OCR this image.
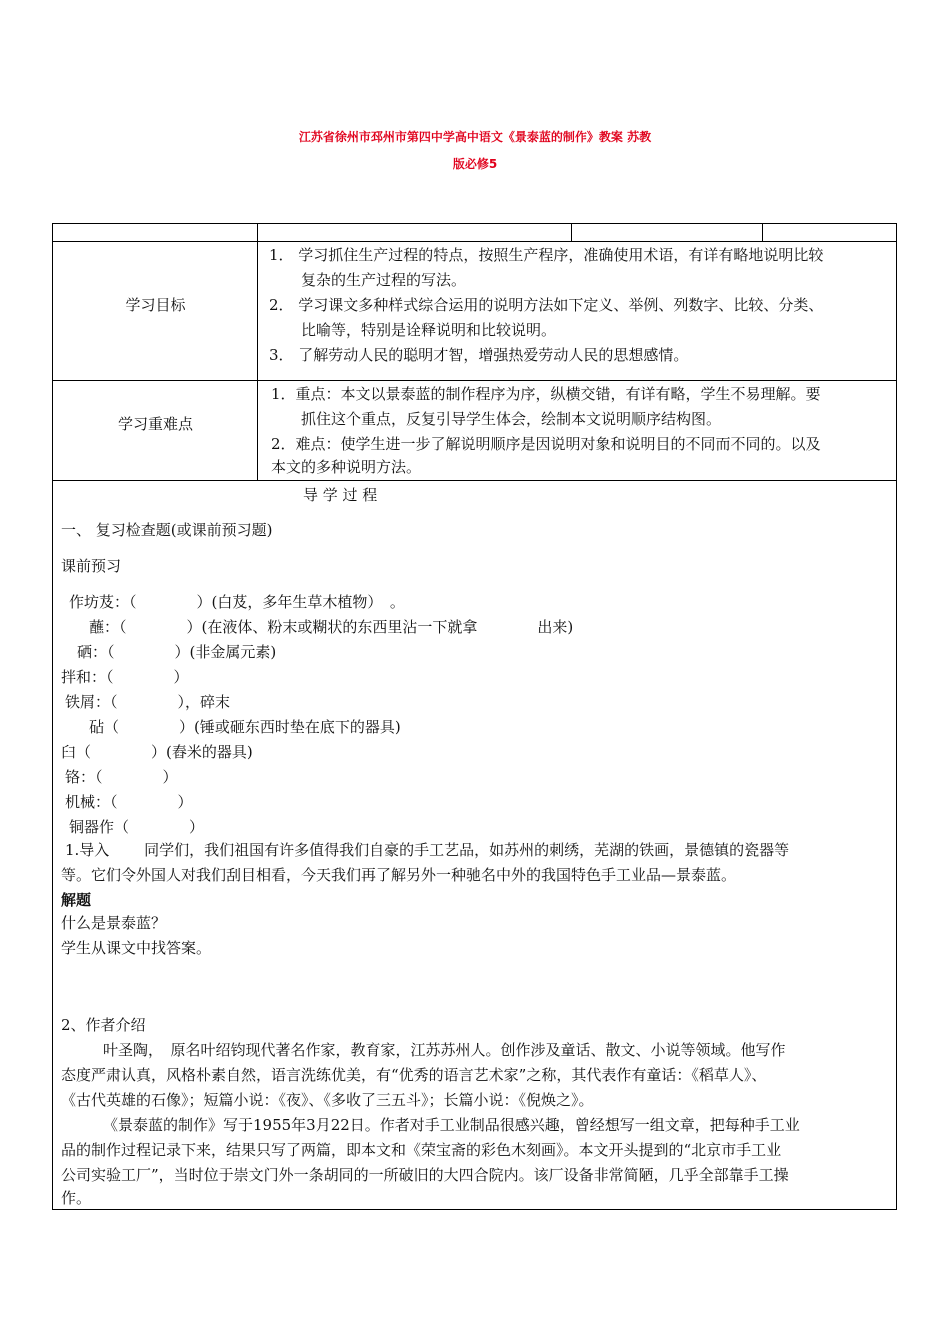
江苏省徐州市邳州市第四中学高中语文《景泰蓝的制作》教案 苏教
版必修5
学习目标
1． 学习抓住生产过程的特点，按照生产程序，准确使用术语，有详有略地说明比较
复杂的生产过程的写法。
2． 学习课文多种样式综合运用的说明方法如下定义、举例、列数字、比较、分类、
比喻等，特别是诠释说明和比较说明。
3． 了解劳动人民的聪明才智，增强热爱劳动人民的思想感情。
学习重难点
1．重点：本文以景泰蓝的制作程序为序，纵横交错，有详有略，学生不易理解。要
抓住这个重点，反复引导学生体会，绘制本文说明顺序结构图。
2．难点：使学生进一步了解说明顺序是因说明对象和说明目的不同而不同的。以及
本文的多种说明方法。
导 学 过 程
一、 复习检查题(或课前预习题)
课前预习
作坊芨：（　　　　）(白芨，多年生草木植物）　。
蘸：（　　　　）(在液体、粉末或糊状的东西里沾一下就拿　　　　出来)
硒：（　　　　）(非金属元素)
拌和：（　　　　）
铁屑：（　　　　），碎末
砧（　　　　）(锤或砸东西时垫在底下的器具)
臼（　　　　）(舂米的器具)
铬：（　　　　）
机械：（　　　　）
铜器作（　　　　）
1.导入　　 同学们，我们祖国有许多值得我们自豪的手工艺品，如苏州的刺绣，芜湖的铁画，景德镇的瓷器等
等。它们令外国人对我们刮目相看，今天我们再了解另外一种驰名中外的我国特色手工业品—景泰蓝。
解题
什么是景泰蓝？
学生从课文中找答案。
2、作者介绍
叶圣陶，　原名叶绍钧现代著名作家，教育家，江苏苏州人。创作涉及童话、散文、小说等领域。他写作
态度严肃认真，风格朴素自然，语言洗练优美，有“优秀的语言艺术家”之称，其代表作有童话：《稻草人》、
《古代英雄的石像》；短篇小说：《夜》、《多收了三五斗》；长篇小说：《倪焕之》。
《景泰蓝的制作》写于1955年3月22日。作者对手工业制品很感兴趣，曾经想写一组文章，把每种手工业
品的制作过程记录下来，结果只写了两篇，即本文和《荣宝斋的彩色木刻画》。本文开头提到的“北京市手工业
公司实验工厂”，当时位于崇文门外一条胡同的一所破旧的大四合院内。该厂设备非常简陋，几乎全部靠手工操
作。
